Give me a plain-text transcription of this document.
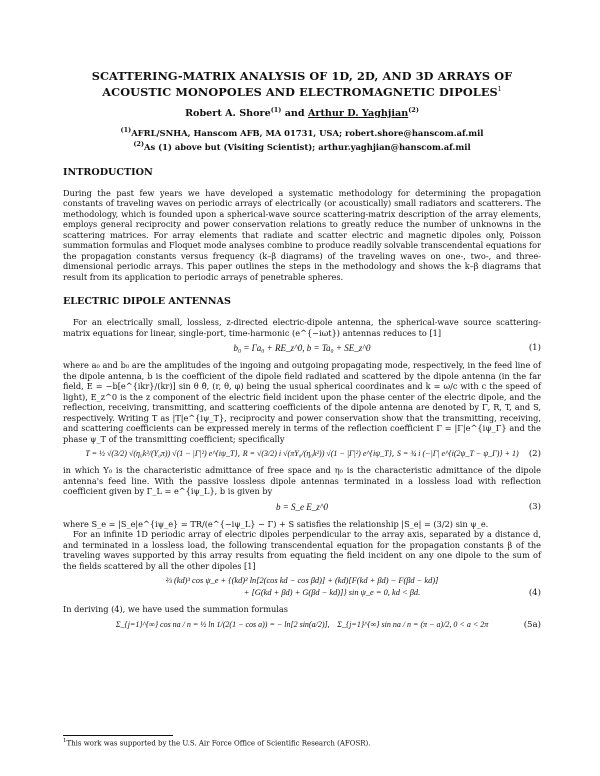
SCATTERING-MATRIX ANALYSIS OF 1D, 2D, AND 3D ARRAYS OF
ACOUSTIC MONOPOLES AND ELECTROMAGNETIC DIPOLES$^1$
Robert A. Shore$^{(1)}$ and Arthur D. Yaghjian$^{(2)}$
$^{(1)}$AFRL/SNHA, Hanscom AFB, MA 01731, USA; robert.shore@hanscom.af.mil
$^{(2)}$As (1) above but (Visiting Scientist); arthur.yaghjian@hanscom.af.mil
INTRODUCTION

During the past few years we have developed a systematic methodology for determining the propagation constants of traveling waves on periodic arrays of electrically (or acoustically) small radiators and scatterers. The methodology, which is founded upon a spherical-wave source scattering-matrix description of the array elements, employs general reciprocity and power conservation relations to greatly reduce the number of unknowns in the scattering matrices. For array elements that radiate and scatter electric and magnetic dipoles only, Poisson summation formulas and Floquet mode analyses combine to produce readily solvable transcendental equations for the propagation constants versus frequency (k–β diagrams) of the traveling waves on one-, two-, and three-dimensional periodic arrays. This paper outlines the steps in the methodology and shows the k–β diagrams that result from its application to periodic arrays of penetrable spheres.

ELECTRIC DIPOLE ANTENNAS

For an electrically small, lossless, z-directed electric-dipole antenna, the spherical-wave source scattering-matrix equations for linear, single-port, time-harmonic (e^{−iωt}) antennas reduces to [1]

b₀ = Γa₀ + RE_z^0, b = Ta₀ + SE_z^0	(1)

where a₀ and b₀ are the amplitudes of the ingoing and outgoing propagating mode, respectively, in the feed line of the dipole antenna, b is the coefficient of the dipole field radiated and scattered by the dipole antenna (in the far field, E = −b[e^{ikr}/(kr)] sin θ θ̂, (r, θ, φ) being the usual spherical coordinates and k = ω/c with c the speed of light), E_z^0 is the z component of the electric field incident upon the phase center of the electric dipole, and the reflection, receiving, transmitting, and scattering coefficients of the dipole antenna are denoted by Γ, R, T, and S, respectively. Writing T as |T|e^{iψ_T}, reciprocity and power conservation show that the transmitting, receiving, and scattering coefficients can be expressed merely in terms of the reflection coefficient Γ = |Γ|e^{iψ_Γ} and the phase ψ_T of the transmitting coefficient; specifically

T = ½ √(3/2) √(η₀k²/(Y₀π)) √(1 − |Γ|²) e^{iψ_T}, R = √(3/2) i √(πY₀/(η₀k²)) √(1 − |Γ|²) e^{iψ_T}, S = ¾ i (−|Γ| e^{i(2ψ_T − ψ_Γ)} + 1) (2)

in which Y₀ is the characteristic admittance of free space and η₀ is the characteristic admittance of the dipole antenna's feed line. With the passive lossless dipole antennas terminated in a lossless load with reflection coefficient given by Γ_L = e^{iψ_L}, b is given by

b = S_e E_z^0	(3)

where S_e = |S_e|e^{iψ_e} = TR/(e^{−iψ_L} − Γ) + S satisfies the relationship |S_e| = (3/2) sin ψ_e.

For an infinite 1D periodic array of electric dipoles perpendicular to the array axis, separated by a distance d, and terminated in a lossless load, the following transcendental equation for the propagation constants β of the traveling waves supported by this array results from equating the field incident on any one dipole to the sum of the fields scattered by all the other dipoles [1]

⅔ (kd)³ cos ψ_e + {(kd)² ln[2(cos kd − cos βd)] + (kd)[F(kd + βd) − F(βd − kd)]
+ [G(kd + βd) + G(βd − kd)]} sin ψ_e = 0, kd < βd.	(4)

In deriving (4), we have used the summation formulas

Σ_{j=1}^{∞} cos na / n = ½ ln 1/(2(1 − cos a)) = − ln[2 sin(a/2)], Σ_{j=1}^{∞} sin na / n = (π − a)/2, 0 < a < 2π	(5a)
$^1$This work was supported by the U.S. Air Force Office of Scientific Research (AFOSR).
